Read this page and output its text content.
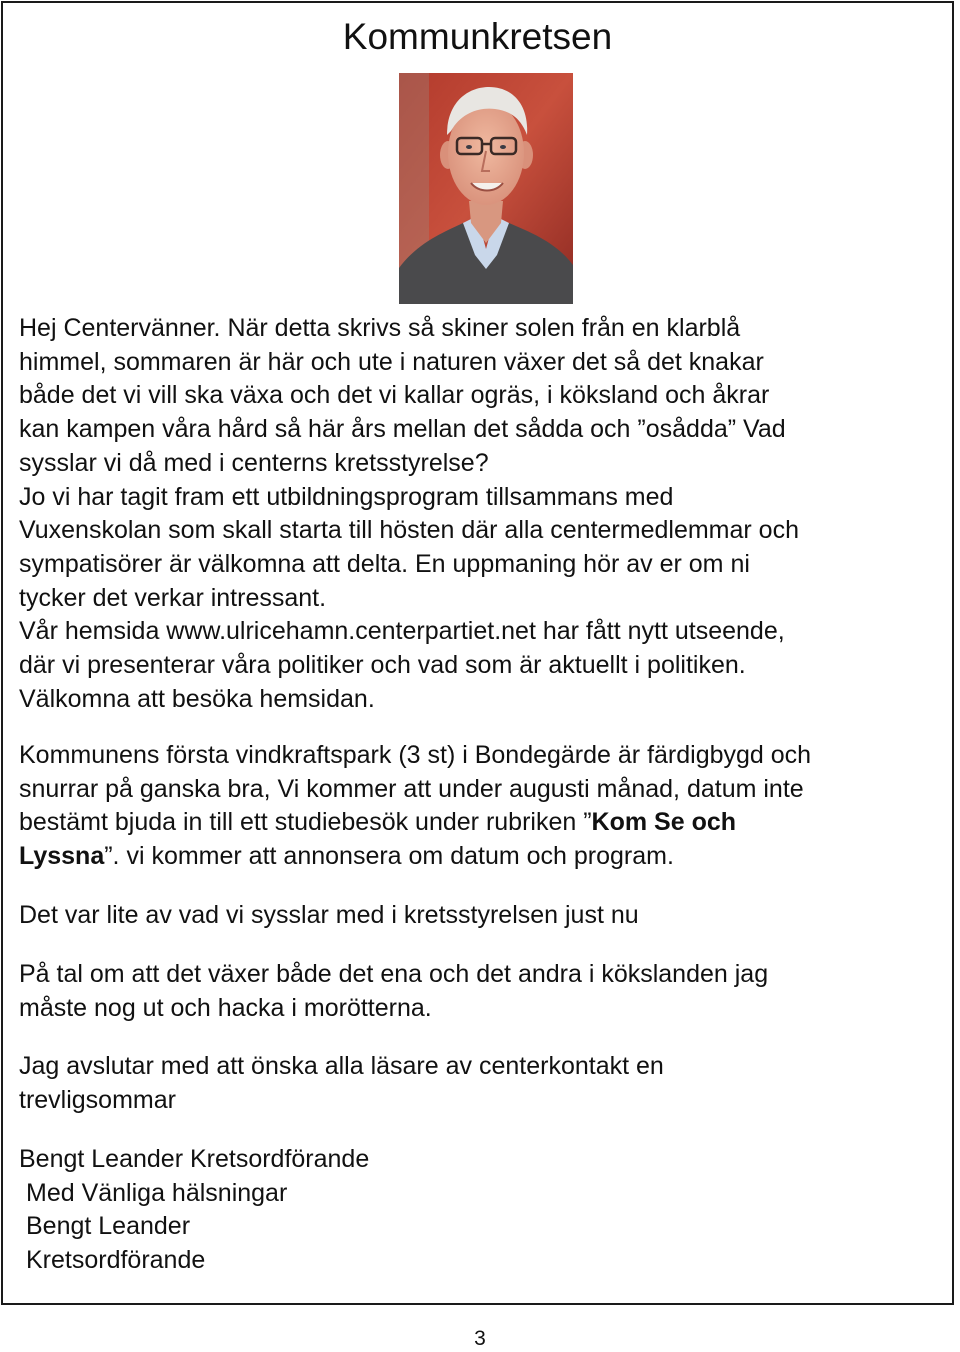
Kommunkretsen
Hej Centervänner. När detta skrivs så skiner solen från en klarblå
himmel, sommaren är här och ute i naturen växer det så det knakar
både det vi vill ska växa och det vi kallar ogräs, i köksland och åkrar
kan kampen våra hård så här års mellan det sådda och ”osådda” Vad
sysslar vi då med i centerns kretsstyrelse?
Jo vi har tagit fram ett utbildningsprogram tillsammans med
Vuxenskolan som skall starta till hösten där alla centermedlemmar och
sympatisörer är välkomna att delta. En uppmaning hör av er om ni
tycker det verkar intressant.
Vår hemsida www.ulricehamn.centerpartiet.net har fått nytt utseende,
där vi presenterar våra politiker och vad som är aktuellt i politiken.
Välkomna att besöka hemsidan.
Kommunens första vindkraftspark (3 st) i Bondegärde är färdigbygd och
snurrar på ganska bra, Vi kommer att under augusti månad, datum inte
bestämt bjuda in till ett studiebesök under rubriken ”Kom Se och
Lyssna”. vi kommer att annonsera om datum och program.
Det var lite av vad vi sysslar med i kretsstyrelsen just nu
På tal om att det växer både det ena och det andra i kökslanden jag
måste nog ut och hacka i morötterna.
Jag avslutar med att önska alla läsare av centerkontakt en
trevligsommar
Bengt Leander Kretsordförande
Med Vänliga hälsningar
Bengt Leander
Kretsordförande
3
